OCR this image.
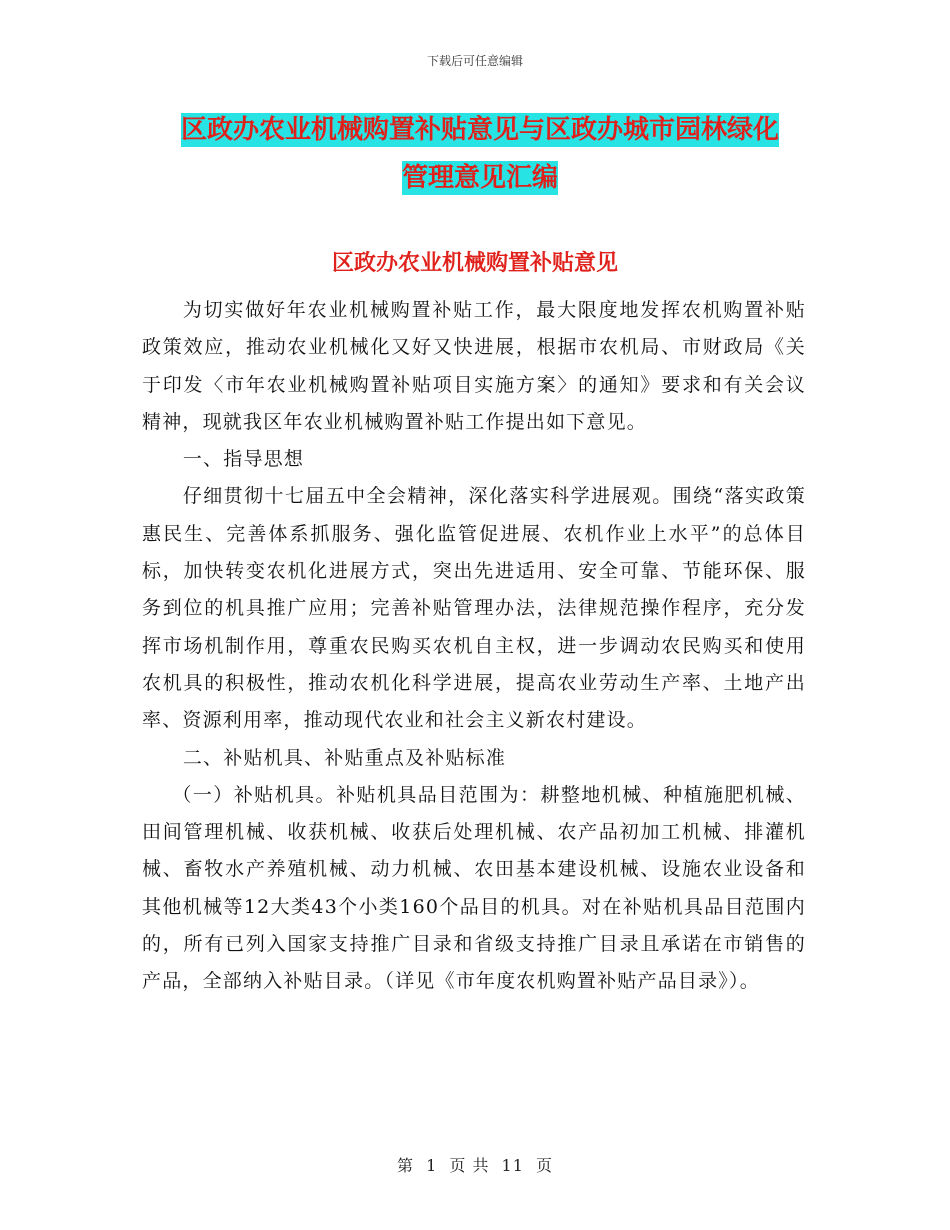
下载后可任意编辑
区政办农业机械购置补贴意见与区政办城市园林绿化
管理意见汇编
区政办农业机械购置补贴意见

为切实做好年农业机械购置补贴工作，最大限度地发挥农机购置补贴政策效应，推动农业机械化又好又快进展，根据市农机局、市财政局《关于印发〈市年农业机械购置补贴项目实施方案〉的通知》要求和有关会议精神，现就我区年农业机械购置补贴工作提出如下意见。

一、指导思想

仔细贯彻十七届五中全会精神，深化落实科学进展观。围绕“落实政策惠民生、完善体系抓服务、强化监管促进展、农机作业上水平”的总体目标，加快转变农机化进展方式，突出先进适用、安全可靠、节能环保、服务到位的机具推广应用；完善补贴管理办法，法律规范操作程序，充分发挥市场机制作用，尊重农民购买农机自主权，进一步调动农民购买和使用农机具的积极性，推动农机化科学进展，提高农业劳动生产率、土地产出率、资源利用率，推动现代农业和社会主义新农村建设。

二、补贴机具、补贴重点及补贴标准

（一）补贴机具。补贴机具品目范围为：耕整地机械、种植施肥机械、田间管理机械、收获机械、收获后处理机械、农产品初加工机械、排灌机械、畜牧水产养殖机械、动力机械、农田基本建设机械、设施农业设备和其他机械等12大类43个小类160个品目的机具。对在补贴机具品目范围内的，所有已列入国家支持推广目录和省级支持推广目录且承诺在市销售的产品，全部纳入补贴目录。（详见《市年度农机购置补贴产品目录》）。

第 1 页 共 11 页
